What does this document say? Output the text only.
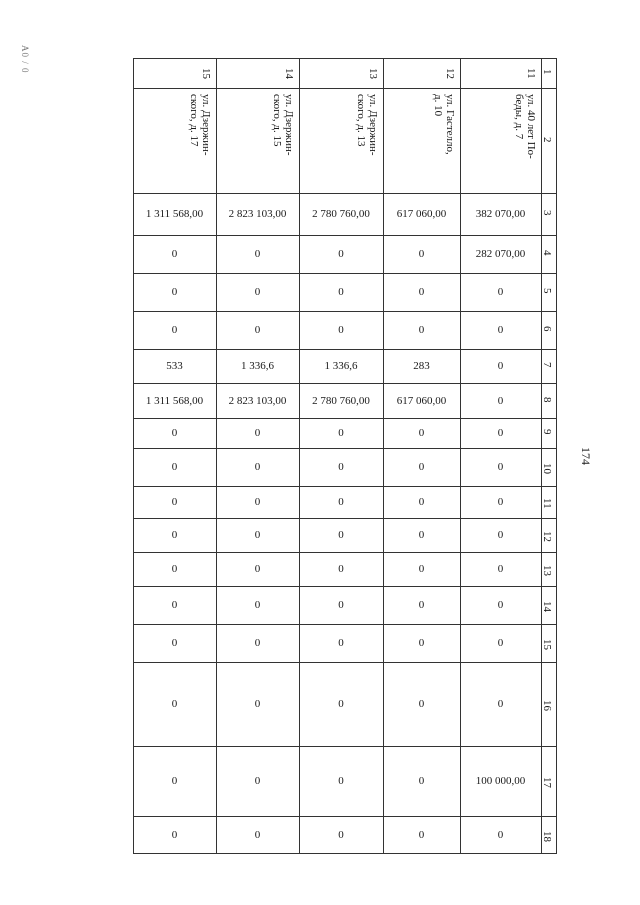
1
2
3
4
5
6
7
8
9
10
11
12
13
14
15
16
17
18
11
ул. 40 лет По-
беды, д. 7
382 070,00
282 070,00
0
0
0
0
0
0
0
0
0
0
0
0
100 000,00
0
12
ул. Гастелло,
д. 10
617 060,00
0
0
0
283
617 060,00
0
0
0
0
0
0
0
0
0
0
13
ул. Дзержин-
ского, д. 13
2 780 760,00
0
0
0
1 336,6
2 780 760,00
0
0
0
0
0
0
0
0
0
0
14
ул. Дзержин-
ского, д. 15
2 823 103,00
0
0
0
1 336,6
2 823 103,00
0
0
0
0
0
0
0
0
0
0
15
ул. Дзержин-
ского, д. 17
1 311 568,00
0
0
0
533
1 311 568,00
0
0
0
0
0
0
0
0
0
0
174
А0 / 0
